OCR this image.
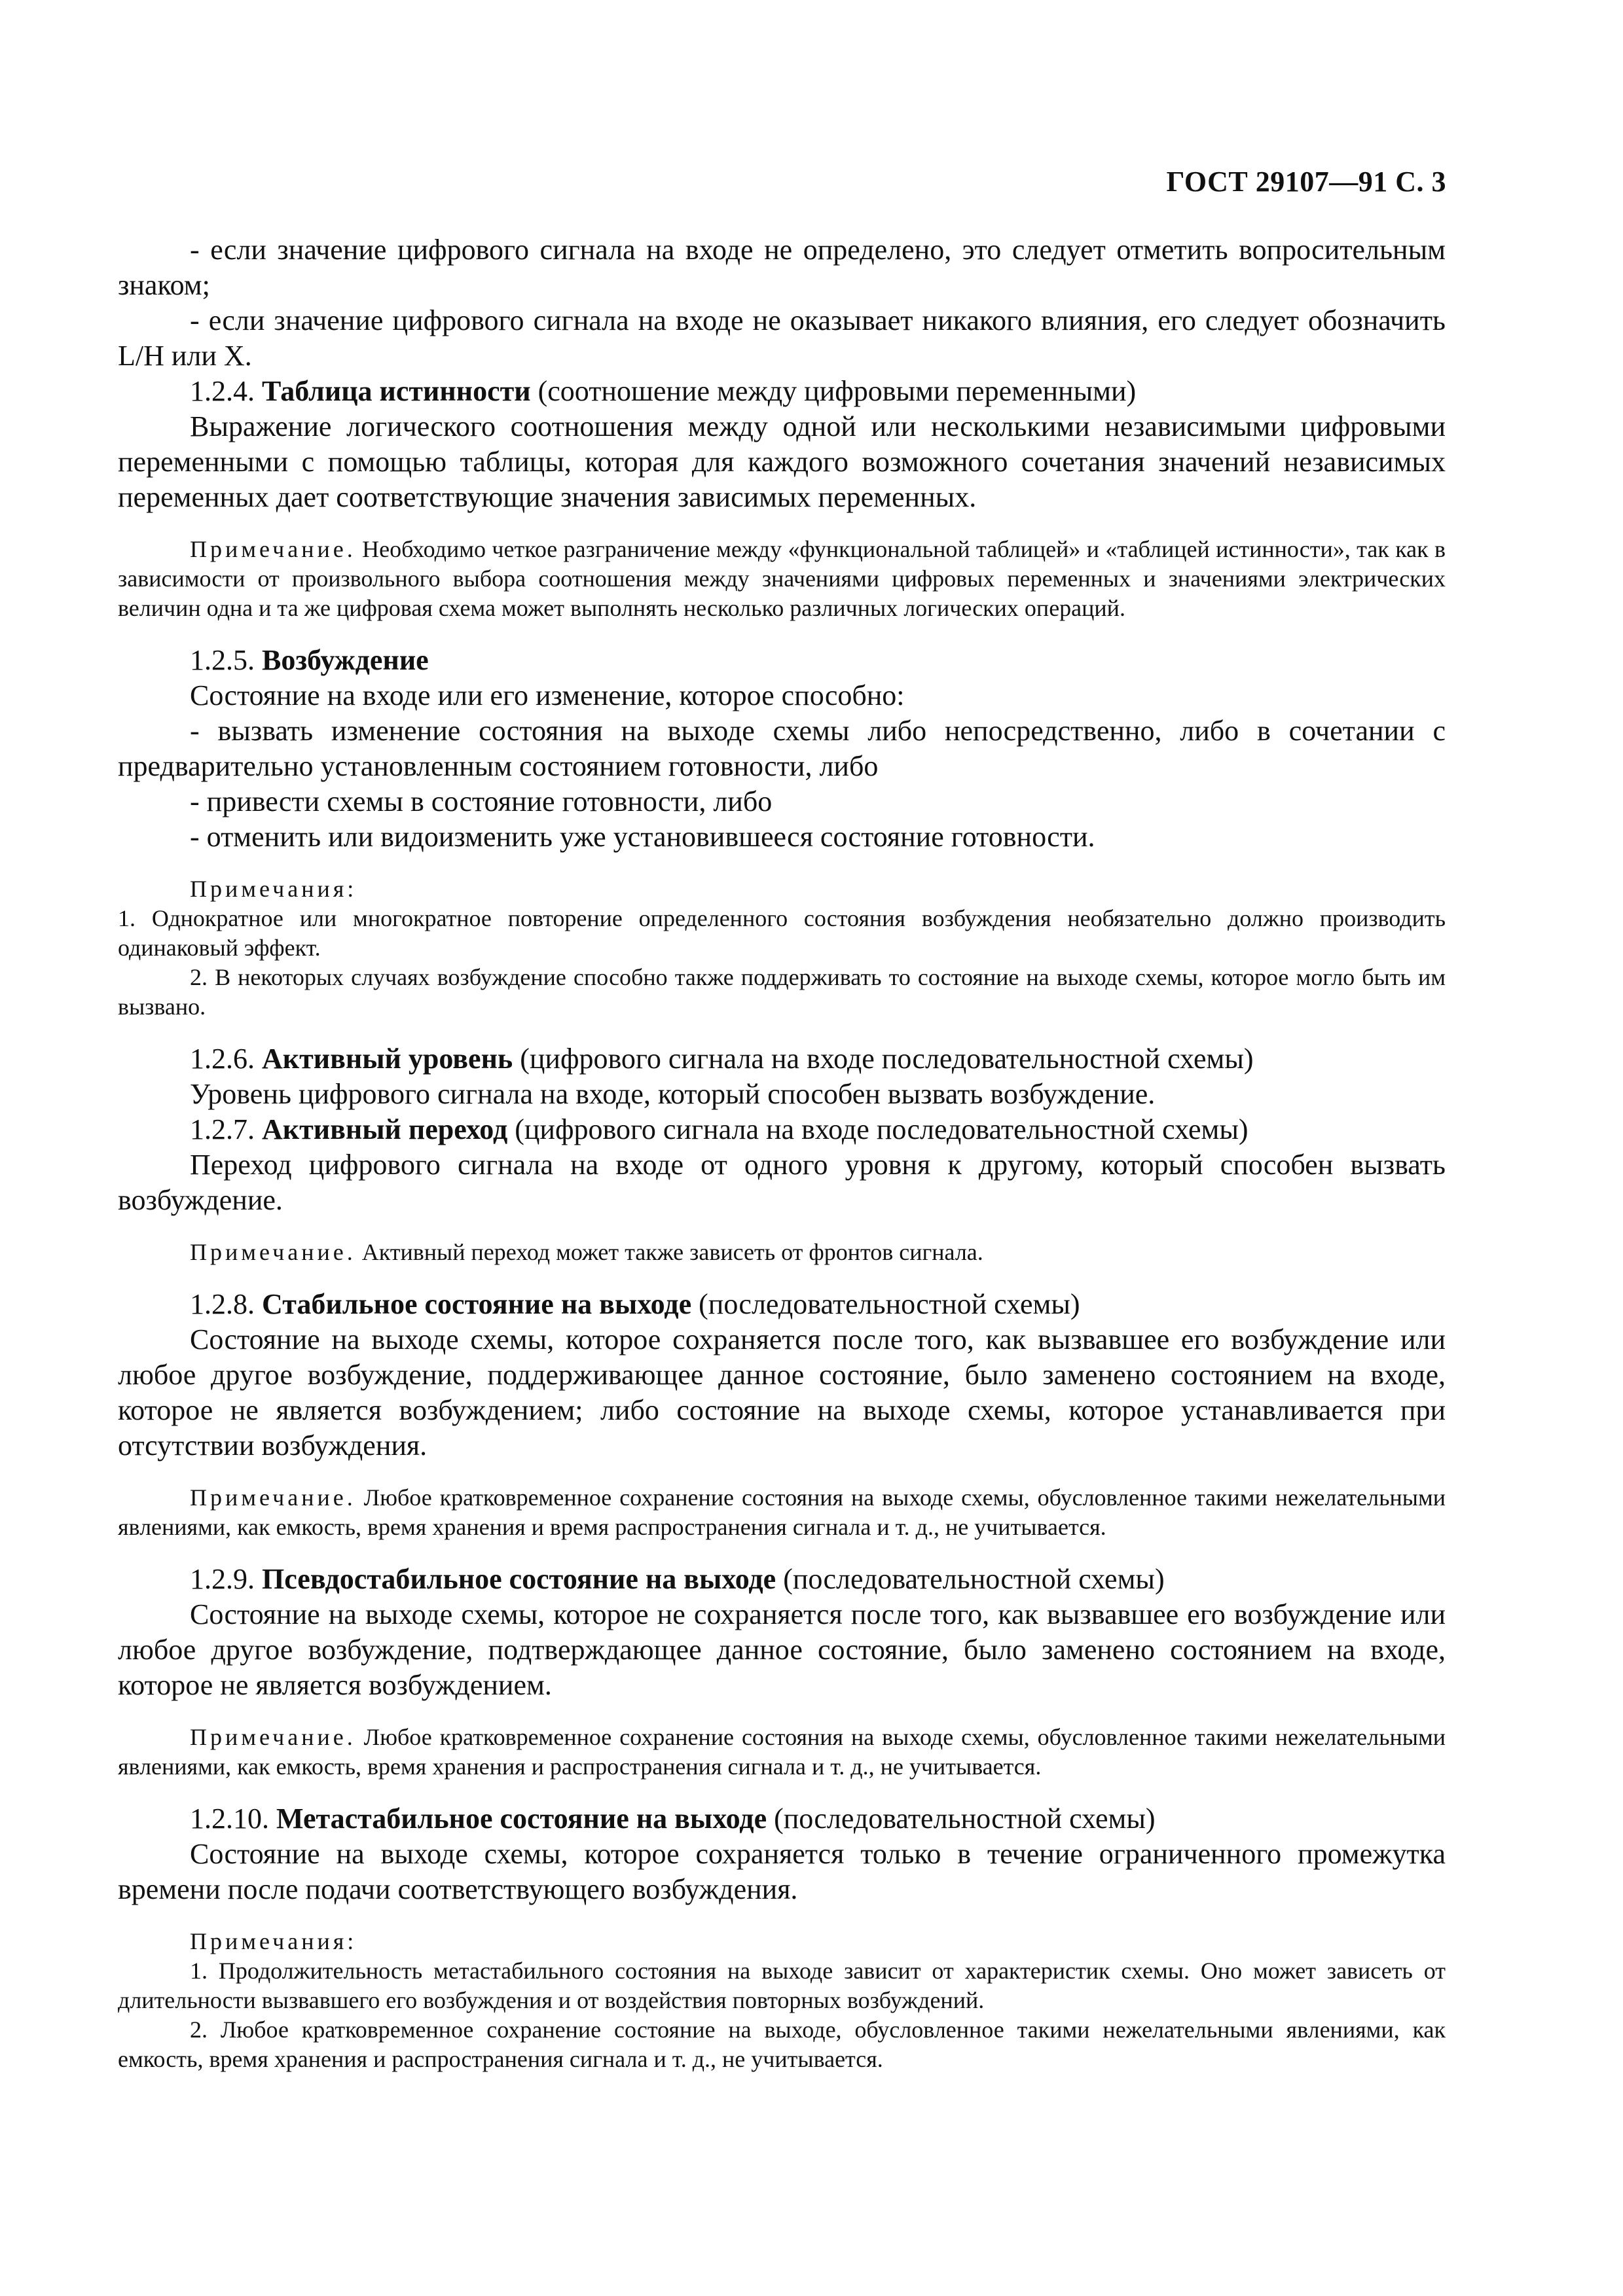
ГОСТ 29107—91 С. 3

- если значение цифрового сигнала на входе не определено, это следует отметить вопросительным знаком;

- если значение цифрового сигнала на входе не оказывает никакого влияния, его следует обозначить L/H или X.

1.2.4. Таблица истинности (соотношение между цифровыми переменными)

Выражение логического соотношения между одной или несколькими независимыми цифровыми переменными с помощью таблицы, которая для каждого возможного сочетания значений независимых переменных дает соответствующие значения зависимых переменных.

Примечание. Необходимо четкое разграничение между «функциональной таблицей» и «таблицей истинности», так как в зависимости от произвольного выбора соотношения между значениями цифровых переменных и значениями электрических величин одна и та же цифровая схема может выполнять несколько различных логических операций.

1.2.5. Возбуждение

Состояние на входе или его изменение, которое способно:

- вызвать изменение состояния на выходе схемы либо непосредственно, либо в сочетании с предварительно установленным состоянием готовности, либо

- привести схемы в состояние готовности, либо

- отменить или видоизменить уже установившееся состояние готовности.

Примечания:

1. Однократное или многократное повторение определенного состояния возбуждения необязательно должно производить одинаковый эффект.

2. В некоторых случаях возбуждение способно также поддерживать то состояние на выходе схемы, которое могло быть им вызвано.

1.2.6. Активный уровень (цифрового сигнала на входе последовательностной схемы)

Уровень цифрового сигнала на входе, который способен вызвать возбуждение.

1.2.7. Активный переход (цифрового сигнала на входе последовательностной схемы)

Переход цифрового сигнала на входе от одного уровня к другому, который способен вызвать возбуждение.

Примечание. Активный переход может также зависеть от фронтов сигнала.

1.2.8. Стабильное состояние на выходе (последовательностной схемы)

Состояние на выходе схемы, которое сохраняется после того, как вызвавшее его возбуждение или любое другое возбуждение, поддерживающее данное состояние, было заменено состоянием на входе, которое не является возбуждением; либо состояние на выходе схемы, которое устанавливается при отсутствии возбуждения.

Примечание. Любое кратковременное сохранение состояния на выходе схемы, обусловленное такими нежелательными явлениями, как емкость, время хранения и время распространения сигнала и т. д., не учитывается.

1.2.9. Псевдостабильное состояние на выходе (последовательностной схемы)

Состояние на выходе схемы, которое не сохраняется после того, как вызвавшее его возбуждение или любое другое возбуждение, подтверждающее данное состояние, было заменено состоянием на входе, которое не является возбуждением.

Примечание. Любое кратковременное сохранение состояния на выходе схемы, обусловленное такими нежелательными явлениями, как емкость, время хранения и распространения сигнала и т. д., не учитывается.

1.2.10. Метастабильное состояние на выходе (последовательностной схемы)

Состояние на выходе схемы, которое сохраняется только в течение ограниченного промежутка времени после подачи соответствующего возбуждения.

Примечания:

1. Продолжительность метастабильного состояния на выходе зависит от характеристик схемы. Оно может зависеть от длительности вызвавшего его возбуждения и от воздействия повторных возбуждений.

2. Любое кратковременное сохранение состояние на выходе, обусловленное такими нежелательными явлениями, как емкость, время хранения и распространения сигнала и т. д., не учитывается.
